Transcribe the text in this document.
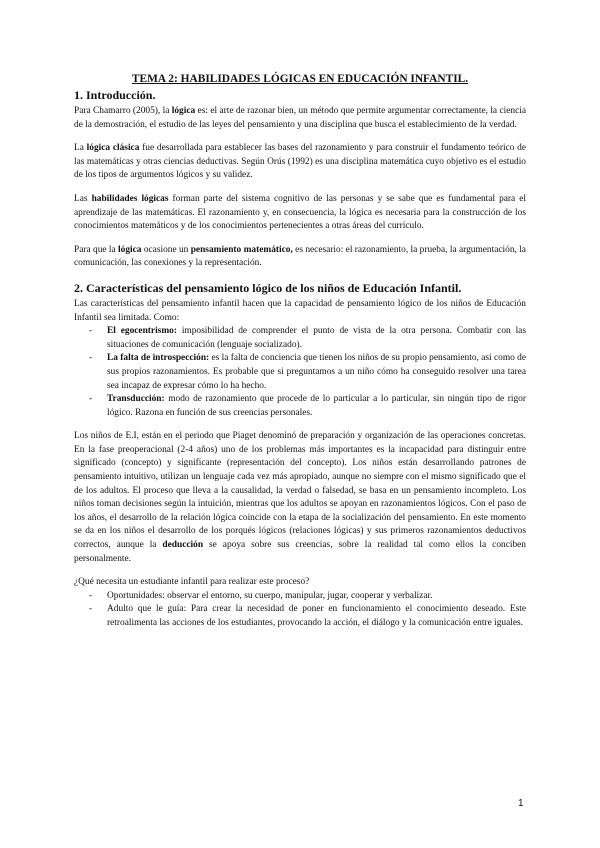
TEMA 2: HABILIDADES LÓGICAS EN EDUCACIÓN INFANTIL.
1. Introducción.

Para Chamarro (2005), la lógica es: el arte de razonar bien, un método que permite argumentar correctamente, la ciencia de la demostración, el estudio de las leyes del pensamiento y una disciplina que busca el establecimiento de la verdad.

La lógica clásica fue desarrollada para establecer las bases del razonamiento y para construir el fundamento teórico de las matemáticas y otras ciencias deductivas. Según Orús (1992) es una disciplina matemática cuyo objetivo es el estudio de los tipos de argumentos lógicos y su validez.

Las habilidades lógicas forman parte del sistema cognitivo de las personas y se sabe que es fundamental para el aprendizaje de las matemáticas. El razonamiento y, en consecuencia, la lógica es necesaria para la construcción de los conocimientos matemáticos y de los conocimientos pertenecientes a otras áreas del currículo.

Para que la lógica ocasione un pensamiento matemático, es necesario: el razonamiento, la prueba, la argumentación, la comunicación, las conexiones y la representación.

2. Características del pensamiento lógico de los niños de Educación Infantil.

Las características del pensamiento infantil hacen que la capacidad de pensamiento lógico de los niños de Educación Infantil sea limitada. Como:

- El egocentrismo: imposibilidad de comprender el punto de vista de la otra persona. Combatir con las situaciones de comunicación (lenguaje socializado).
- La falta de introspección: es la falta de conciencia que tienen los niños de su propio pensamiento, así como de sus propios razonamientos. Es probable que si preguntamos a un niño cómo ha conseguido resolver una tarea sea incapaz de expresar cómo lo ha hecho.
- Transducción: modo de razonamiento que procede de lo particular a lo particular, sin ningún tipo de rigor lógico. Razona en función de sus creencias personales.

Los niños de E.I, están en el periodo que Piaget denominó de preparación y organización de las operaciones concretas. En la fase preoperacional (2-4 años) uno de los problemas más importantes es la incapacidad para distinguir entre significado (concepto) y significante (representación del concepto). Los niños están desarrollando patrones de pensamiento intuitivo, utilizan un lenguaje cada vez más apropiado, aunque no siempre con el mismo significado que el de los adultos. El proceso que lleva a la causalidad, la verdad o falsedad, se basa en un pensamiento incompleto. Los niños toman decisiones según la intuición, mientras que los adultos se apoyan en razonamientos lógicos. Con el paso de los años, el desarrollo de la relación lógica coincide con la etapa de la socialización del pensamiento. En este momento se da en los niños el desarrollo de los porqués lógicos (relaciones lógicas) y sus primeros razonamientos deductivos correctos, aunque la deducción se apoya sobre sus creencias, sobre la realidad tal como ellos la conciben personalmente.

¿Qué necesita un estudiante infantil para realizar este proceso?

- Oportunidades: observar el entorno, su cuerpo, manipular, jugar, cooperar y verbalizar.
- Adulto que le guía: Para crear la necesidad de poner en funcionamiento el conocimiento deseado. Este retroalimenta las acciones de los estudiantes, provocando la acción, el diálogo y la comunicación entre iguales.
1
